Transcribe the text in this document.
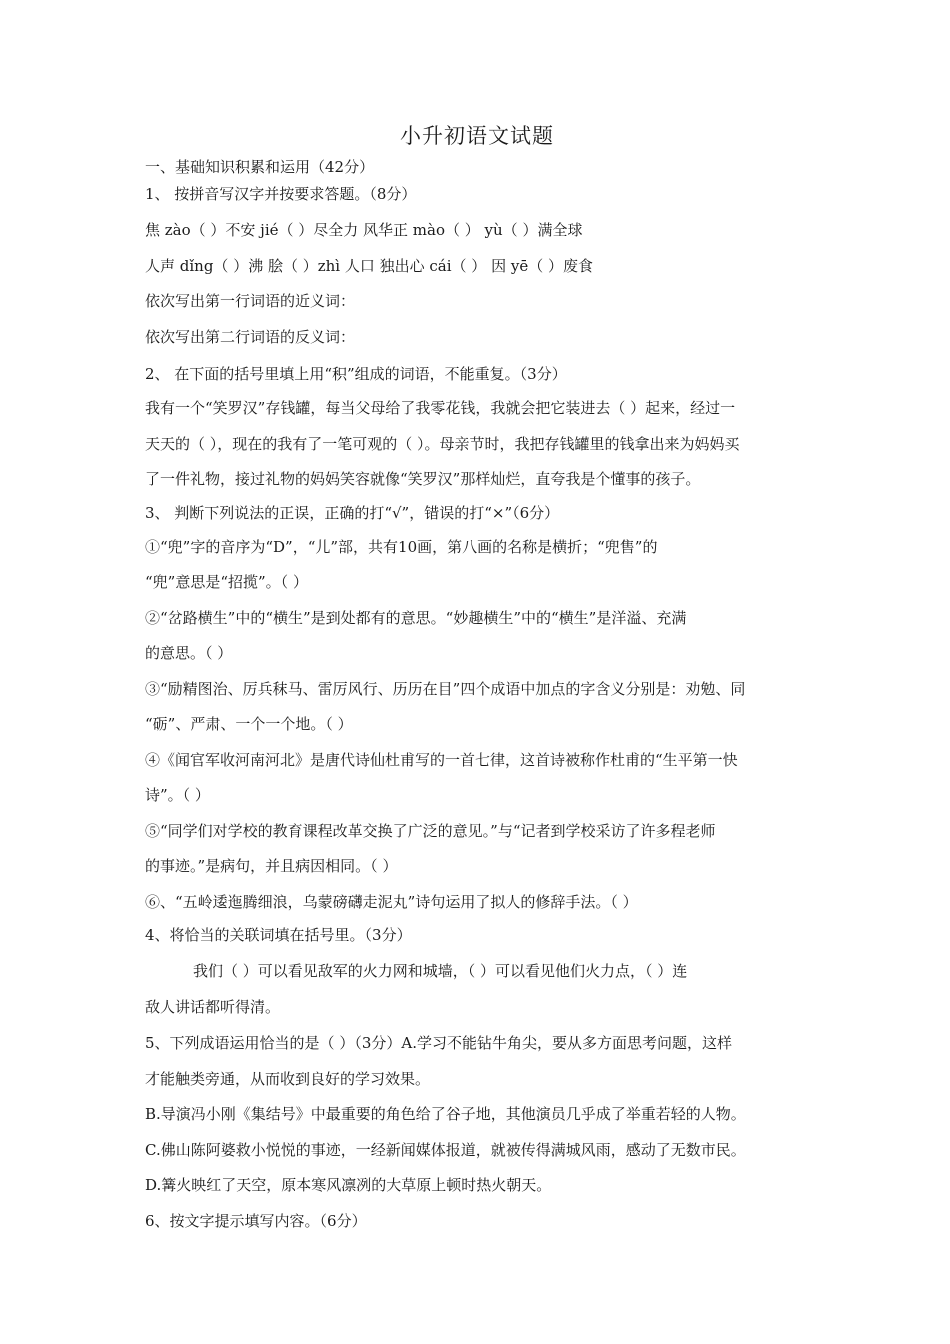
小升初语文试题
一、基础知识积累和运用（42分）
1、 按拼音写汉字并按要求答题。（8分）
焦 zào（ ）不安 jié（ ）尽全力 风华正 mào（ ） yù（ ）满全球
人声 dǐng（ ）沸 脍（ ）zhì 人口 独出心 cái（ ） 因 yē（ ）废食
依次写出第一行词语的近义词：
依次写出第二行词语的反义词：
2、 在下面的括号里填上用“积”组成的词语，不能重复。（3分）
我有一个“笑罗汉”存钱罐，每当父母给了我零花钱，我就会把它装进去（ ）起来，经过一
天天的（ ），现在的我有了一笔可观的（ ）。母亲节时，我把存钱罐里的钱拿出来为妈妈买
了一件礼物，接过礼物的妈妈笑容就像“笑罗汉”那样灿烂，直夸我是个懂事的孩子。
3、 判断下列说法的正误，正确的打“√”，错误的打“×”（6分）
①“兜”字的音序为“D”，“儿”部，共有10画，第八画的名称是横折；“兜售”的
“兜”意思是“招揽”。（ ）
②“岔路横生”中的“横生”是到处都有的意思。“妙趣横生”中的“横生”是洋溢、充满
的意思。（ ）
③“励精图治、厉兵秣马、雷厉风行、历历在目”四个成语中加点的字含义分别是：劝勉、同
“砺”、严肃、一个一个地。（ ）
④《闻官军收河南河北》是唐代诗仙杜甫写的一首七律，这首诗被称作杜甫的“生平第一快
诗”。（ ）
⑤“同学们对学校的教育课程改革交换了广泛的意见。”与“记者到学校采访了许多程老师
的事迹。”是病句，并且病因相同。（ ）
⑥、“五岭逶迤腾细浪，乌蒙磅礴走泥丸”诗句运用了拟人的修辞手法。（ ）
4、将恰当的关联词填在括号里。（3分）
我们（ ）可以看见敌军的火力网和城墙，（ ）可以看见他们火力点，（ ）连
敌人讲话都听得清。
5、下列成语运用恰当的是（ ）（3分）A.学习不能钻牛角尖，要从多方面思考问题，这样
才能触类旁通，从而收到良好的学习效果。
B.导演冯小刚《集结号》中最重要的角色给了谷子地，其他演员几乎成了举重若轻的人物。
C.佛山陈阿婆救小悦悦的事迹，一经新闻媒体报道，就被传得满城风雨，感动了无数市民。
D.篝火映红了天空，原本寒风凛冽的大草原上顿时热火朝天。
6、按文字提示填写内容。（6分）
